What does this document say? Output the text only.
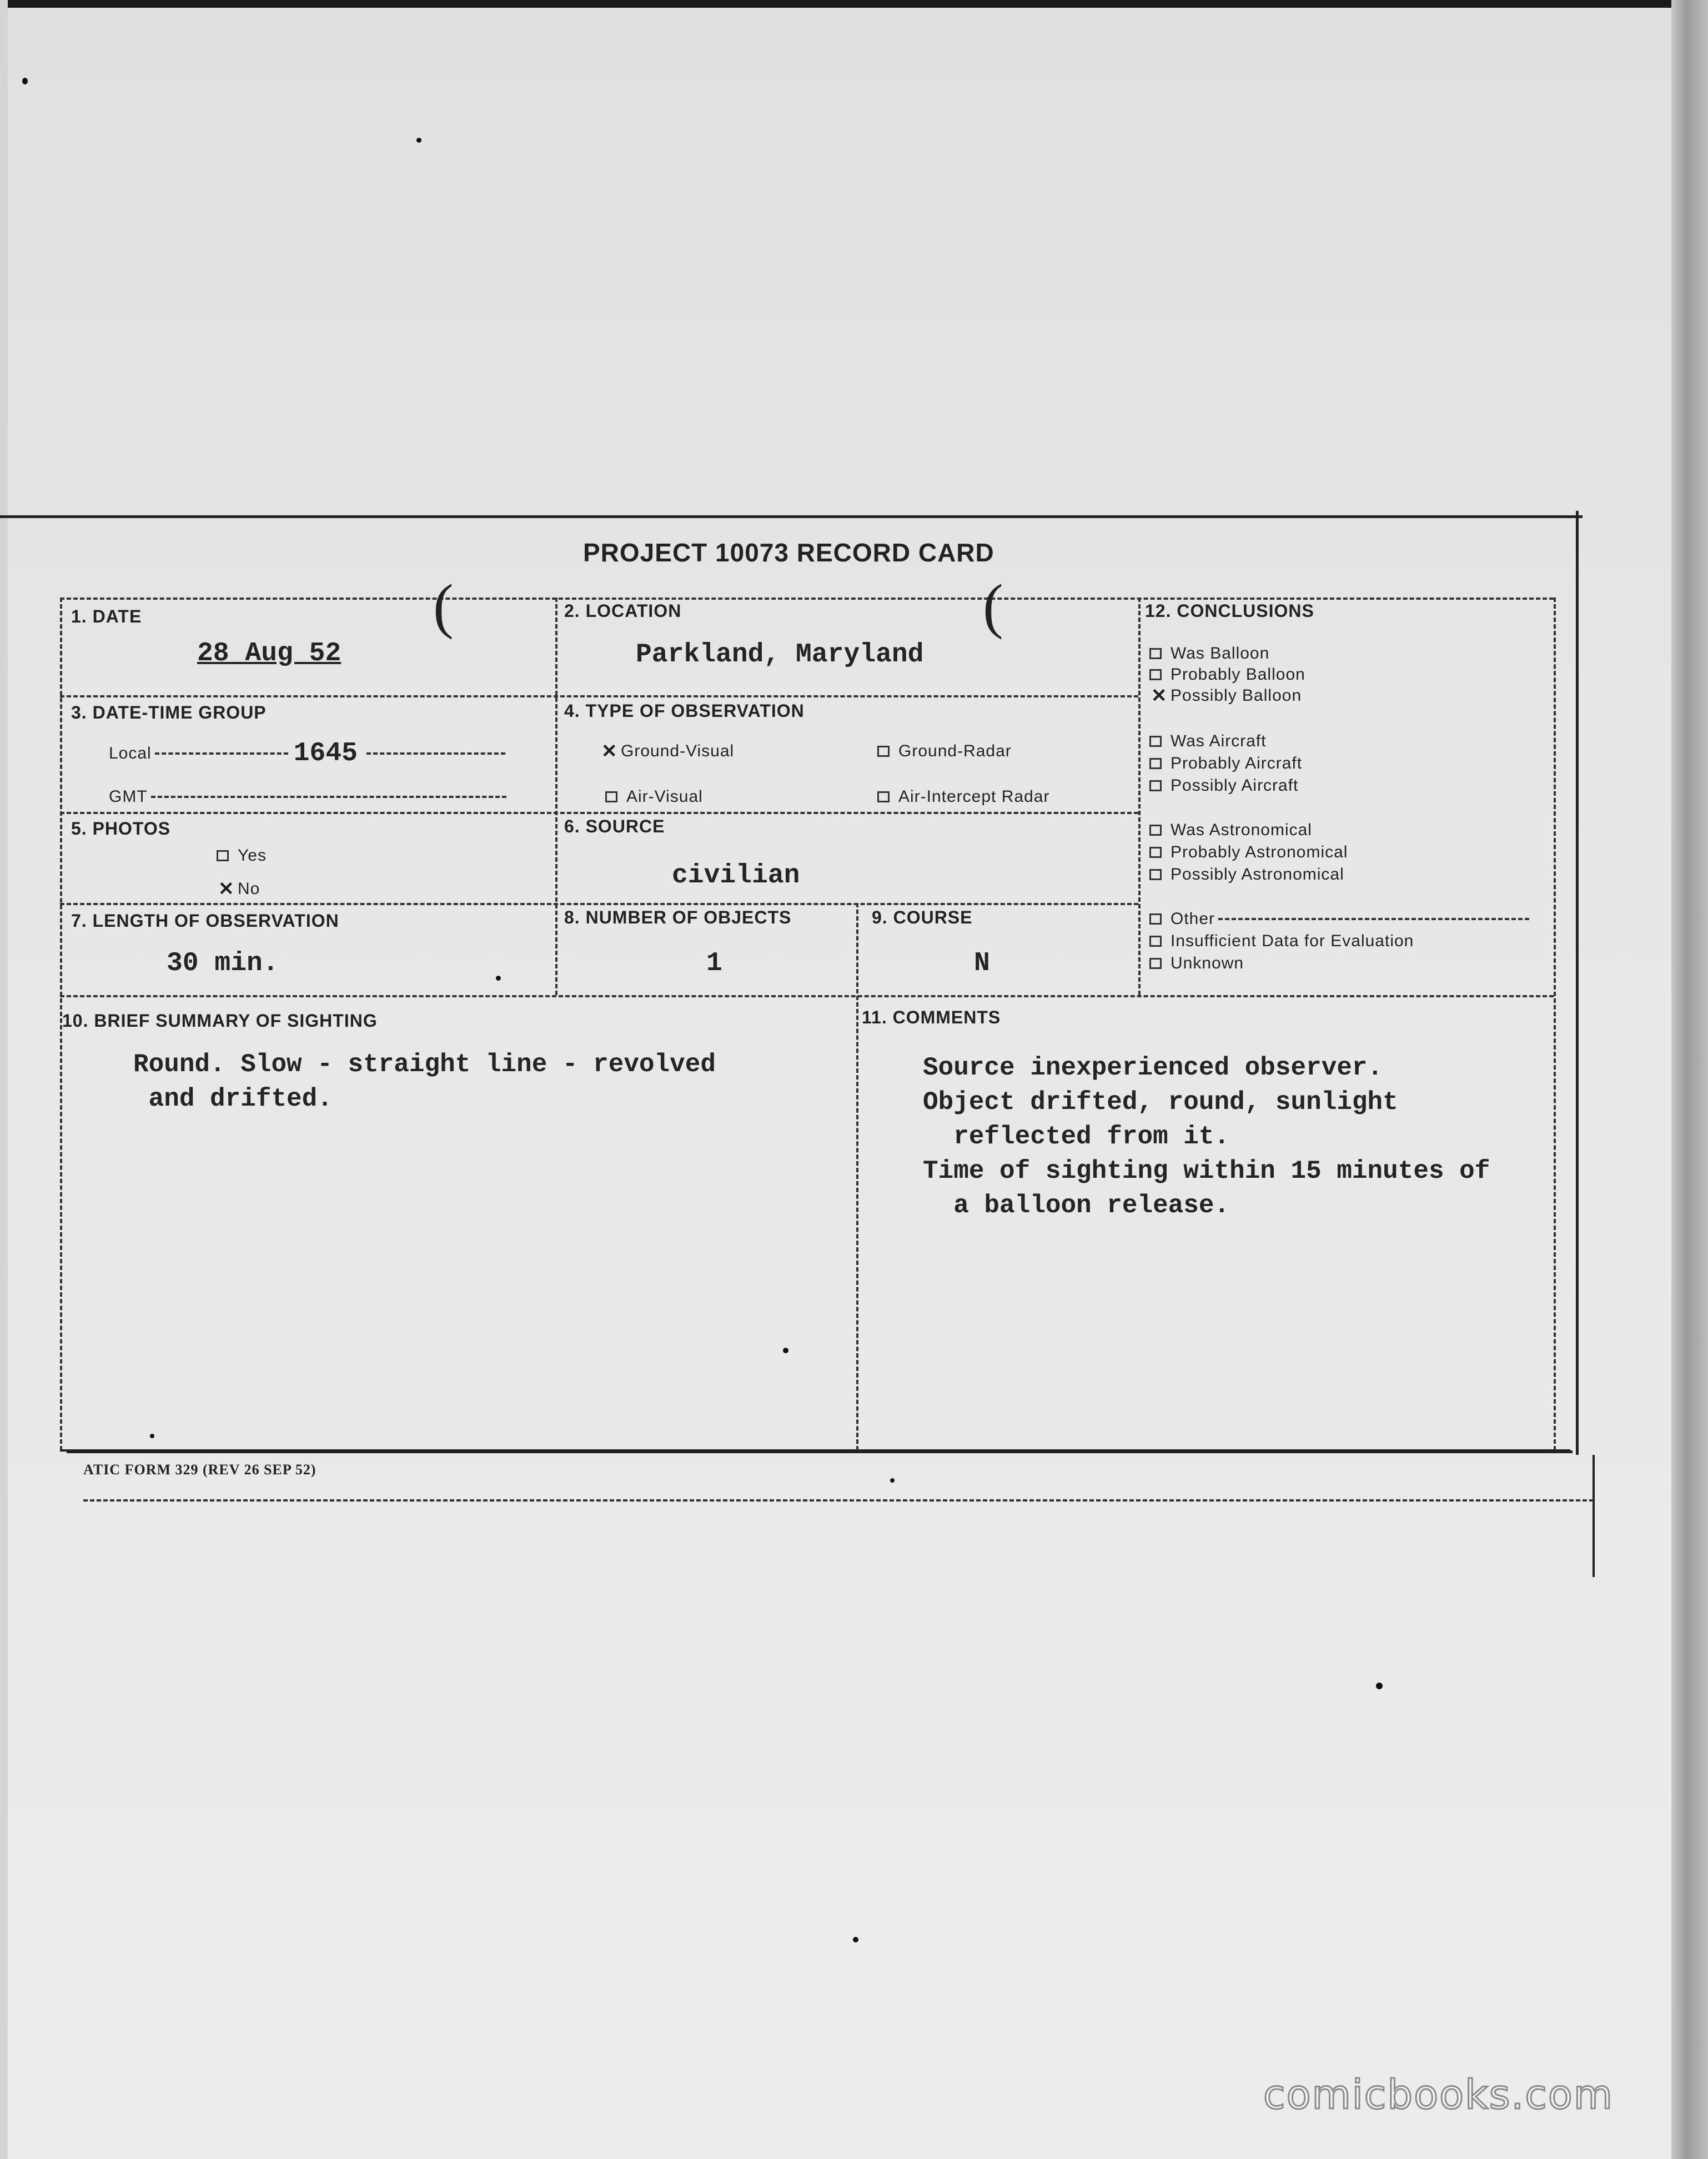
PROJECT 10073 RECORD CARD
(	(
1. DATE
28 Aug 52
2. LOCATION
Parkland, Maryland
3. DATE-TIME GROUP
Local	1645
GMT
4. TYPE OF OBSERVATION
✕ Ground-Visual	Ground-Radar
Air-Visual	Air-Intercept Radar
5. PHOTOS
Yes
✕ No
6. SOURCE
civilian
7. LENGTH OF OBSERVATION
30 min.
8. NUMBER OF OBJECTS
1
9. COURSE
N
10. BRIEF SUMMARY OF SIGHTING
Round. Slow - straight line - revolved
and drifted.
11. COMMENTS
Source inexperienced observer.
Object drifted, round, sunlight
reflected from it.
Time of sighting within 15 minutes of
a balloon release.
12. CONCLUSIONS
Was Balloon
Probably Balloon
✕ Possibly Balloon
Was Aircraft
Probably Aircraft
Possibly Aircraft
Was Astronomical
Probably Astronomical
Possibly Astronomical
Other
Insufficient Data for Evaluation
Unknown
ATIC FORM 329 (REV 26 SEP 52)
comicbooks.com
